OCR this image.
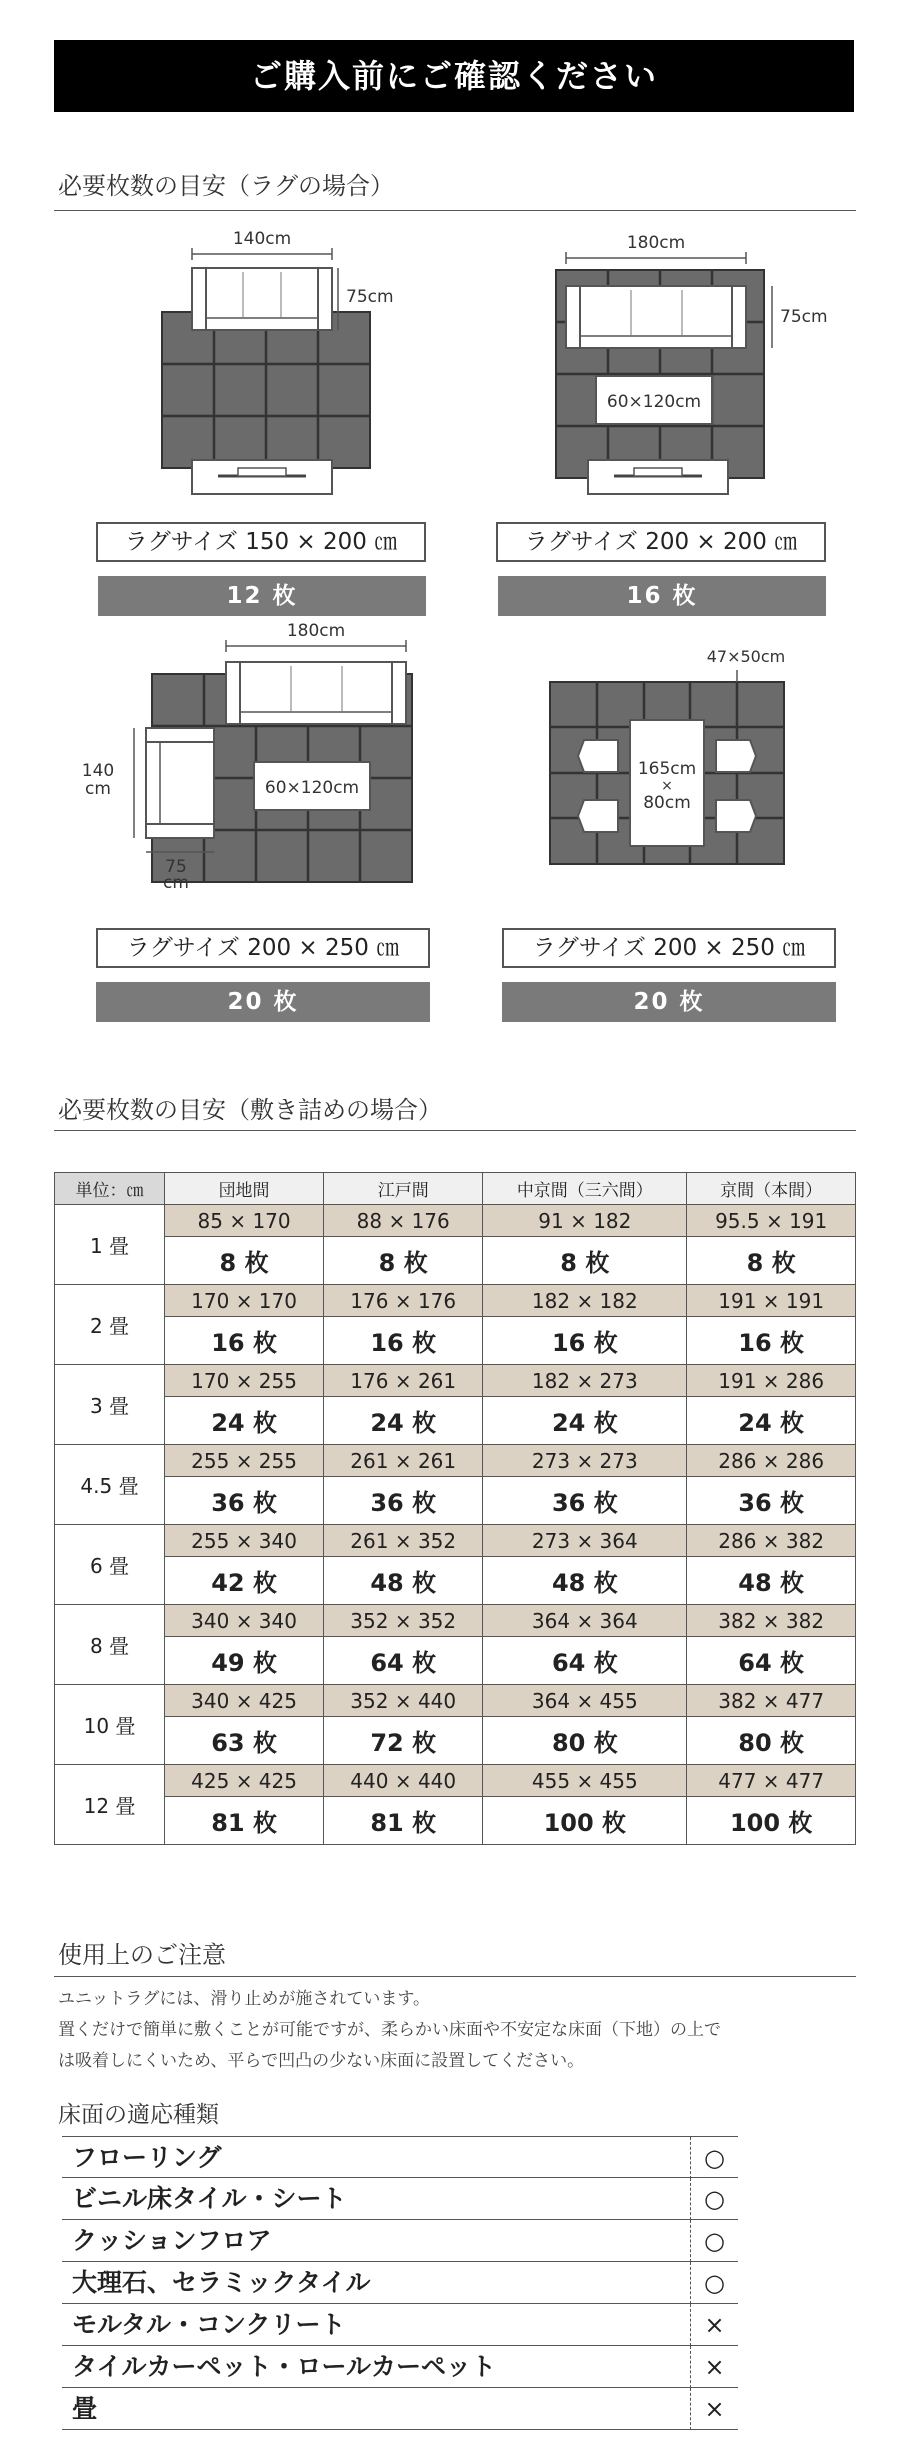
ご購入前にご確認ください
必要枚数の目安（ラグの場合）
140cm
75cm
60×120cm
180cm
75cm
60×120cm
180cm
140
cm
75
cm
165cm
×
80cm
47×50cm
ラグサイズ 150 × 200 ㎝
12 枚
ラグサイズ 200 × 200 ㎝
16 枚
ラグサイズ 200 × 250 ㎝
20 枚
ラグサイズ 200 × 250 ㎝
20 枚
必要枚数の目安（敷き詰めの場合）
単位：㎝	団地間	江戸間	中京間（三六間）	京間（本間）
1 畳	85 × 170	88 × 176	91 × 182	95.5 × 191
	8 枚	8 枚	8 枚	8 枚
2 畳	170 × 170	176 × 176	182 × 182	191 × 191
	16 枚	16 枚	16 枚	16 枚
3 畳	170 × 255	176 × 261	182 × 273	191 × 286
	24 枚	24 枚	24 枚	24 枚
4.5 畳	255 × 255	261 × 261	273 × 273	286 × 286
	36 枚	36 枚	36 枚	36 枚
6 畳	255 × 340	261 × 352	273 × 364	286 × 382
	42 枚	48 枚	48 枚	48 枚
8 畳	340 × 340	352 × 352	364 × 364	382 × 382
	49 枚	64 枚	64 枚	64 枚
10 畳	340 × 425	352 × 440	364 × 455	382 × 477
	63 枚	72 枚	80 枚	80 枚
12 畳	425 × 425	440 × 440	455 × 455	477 × 477
	81 枚	81 枚	100 枚	100 枚
使用上のご注意
ユニットラグには、滑り止めが施されています。
置くだけで簡単に敷くことが可能ですが、柔らかい床面や不安定な床面（下地）の上で
は吸着しにくいため、平らで凹凸の少ない床面に設置してください。
床面の適応種類
フローリング	○
ビニル床タイル・シート	○
クッションフロア	○
大理石、セラミックタイル	○
モルタル・コンクリート	×
タイルカーペット・ロールカーペット	×
畳	×
